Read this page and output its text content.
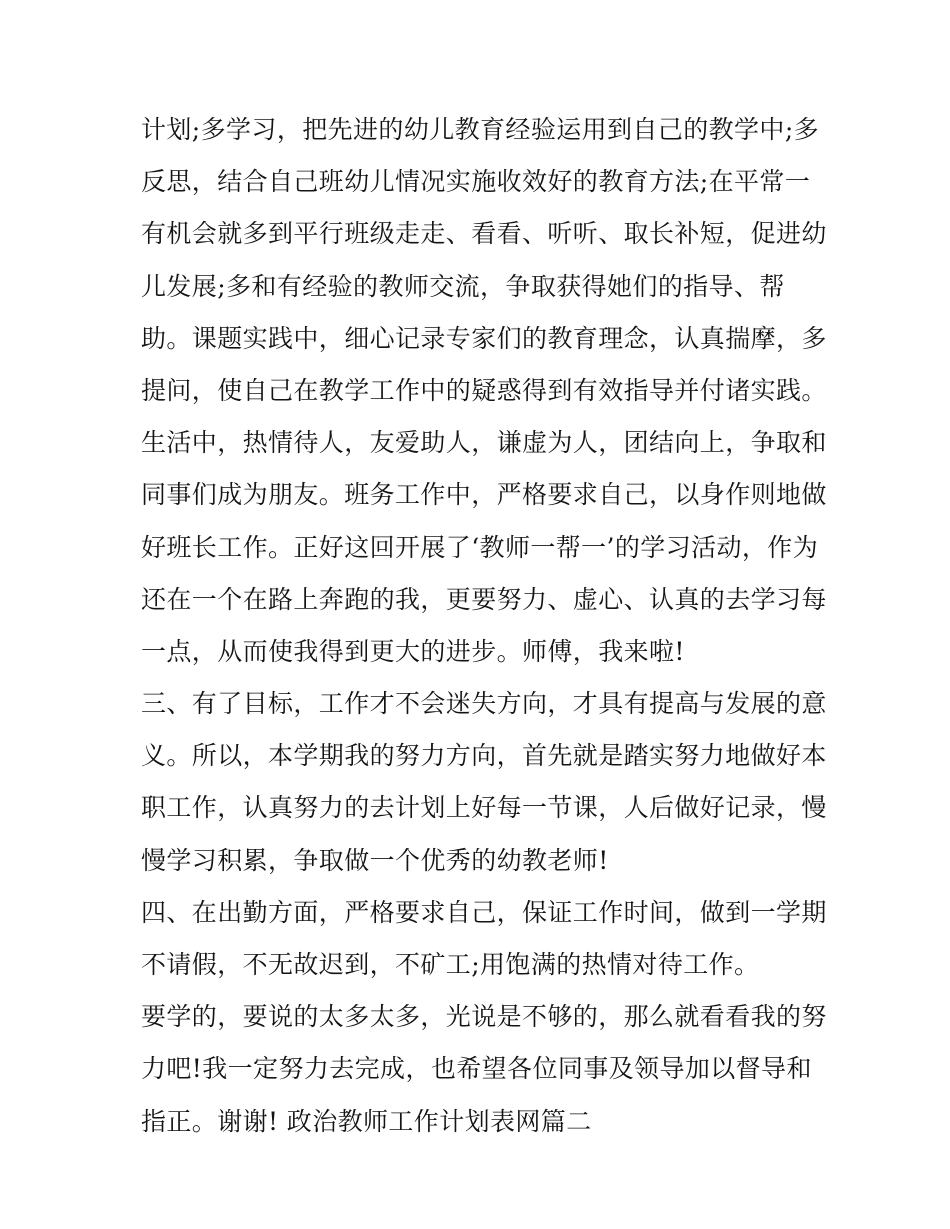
计划;多学习，把先进的幼儿教育经验运用到自己的教学中;多
反思，结合自己班幼儿情况实施收效好的教育方法;在平常一
有机会就多到平行班级走走、看看、听听、取长补短，促进幼
儿发展;多和有经验的教师交流，争取获得她们的指导、帮
助。课题实践中，细心记录专家们的教育理念，认真揣摩，多
提问，使自己在教学工作中的疑惑得到有效指导并付诸实践。
生活中，热情待人，友爱助人，谦虚为人，团结向上，争取和
同事们成为朋友。班务工作中，严格要求自己，以身作则地做
好班长工作。正好这回开展了‘教师一帮一’的学习活动，作为
还在一个在路上奔跑的我，更要努力、虚心、认真的去学习每
一点，从而使我得到更大的进步。师傅，我来啦!
三、有了目标，工作才不会迷失方向，才具有提高与发展的意
义。所以，本学期我的努力方向，首先就是踏实努力地做好本
职工作，认真努力的去计划上好每一节课，人后做好记录，慢
慢学习积累，争取做一个优秀的幼教老师!
四、在出勤方面，严格要求自己，保证工作时间，做到一学期
不请假，不无故迟到，不矿工;用饱满的热情对待工作。
要学的，要说的太多太多，光说是不够的，那么就看看我的努
力吧!我一定努力去完成，也希望各位同事及领导加以督导和
指正。谢谢! 政治教师工作计划表网篇二
